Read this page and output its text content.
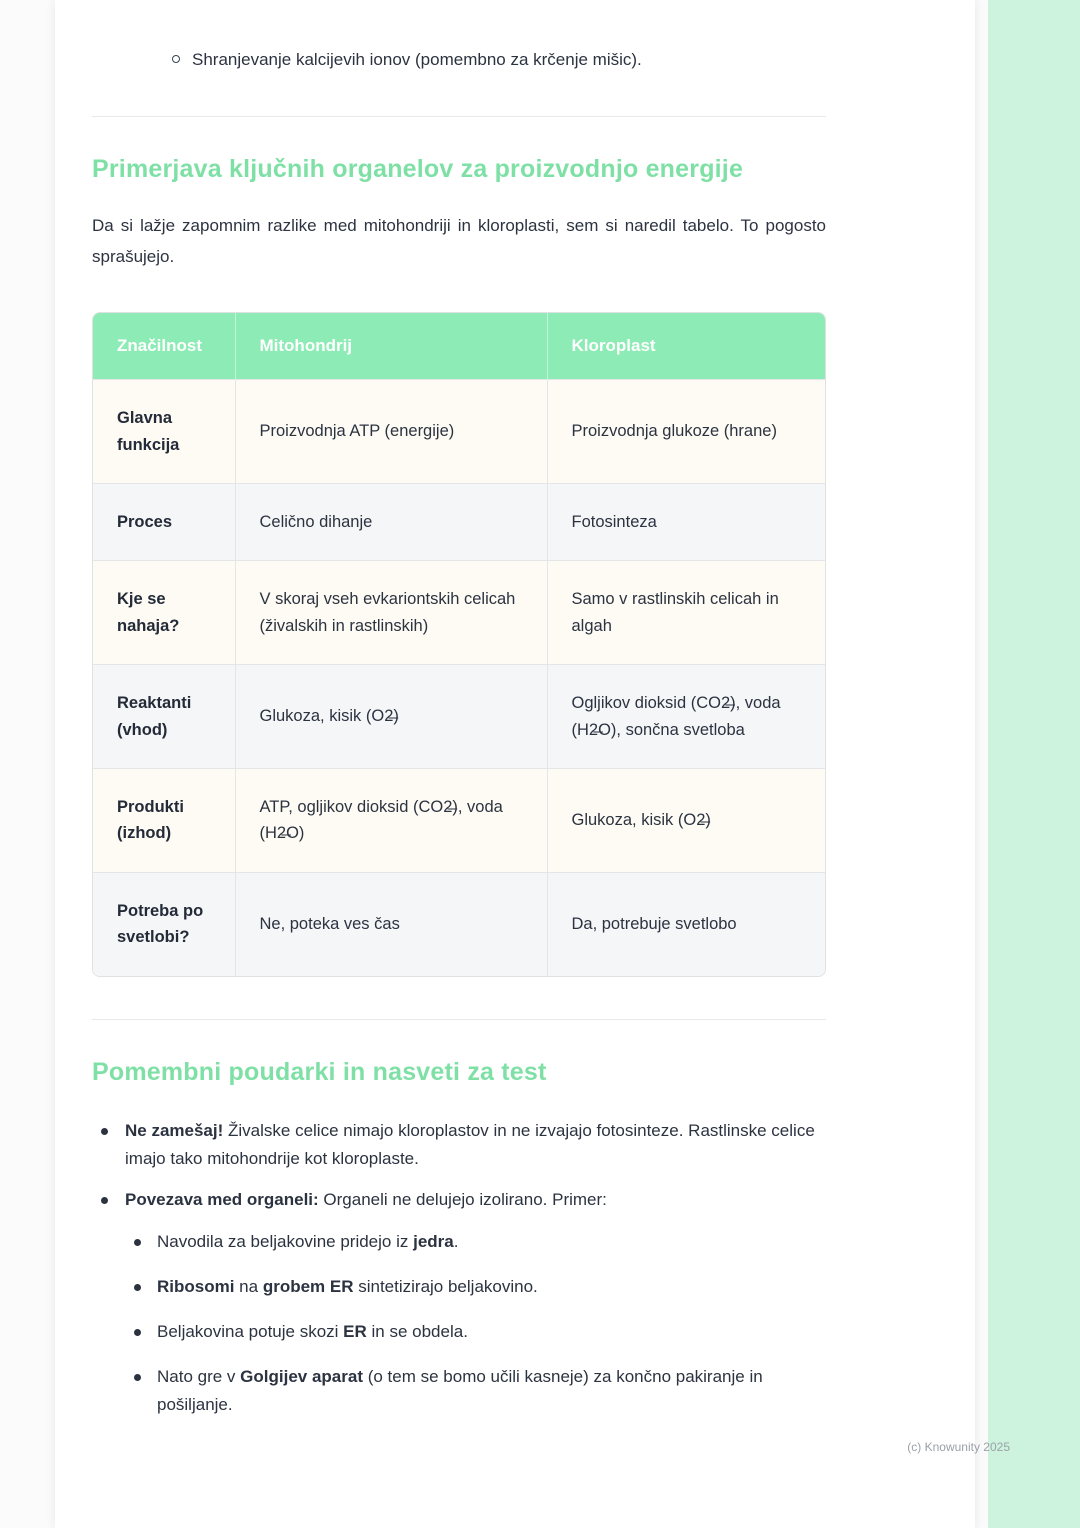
Shranjevanje kalcijevih ionov (pomembno za krčenje mišic).
Primerjava ključnih organelov za proizvodnjo energije

Da si lažje zapomnim razlike med mitohondriji in kloroplasti, sem si naredil tabelo. To pogosto sprašujejo.

Značilnost	Mitohondrij	Kloroplast
Glavna funkcija	Proizvodnja ATP (energije)	Proizvodnja glukoze (hrane)
Proces	Celično dihanje	Fotosinteza
Kje se nahaja?	V skoraj vseh evkariontskih celicah (živalskih in rastlinskih)	Samo v rastlinskih celicah in algah
Reaktanti (vhod)	Glukoza, kisik (O2̶)	Ogljikov dioksid (CO2̶), voda (H2̶O), sončna svetloba
Produkti (izhod)	ATP, ogljikov dioksid (CO2̶), voda (H2̶O)	Glukoza, kisik (O2̶)
Potreba po svetlobi?	Ne, poteka ves čas	Da, potrebuje svetlobo
Pomembni poudarki in nasveti za test
Ne zamešaj! Živalske celice nimajo kloroplastov in ne izvajajo fotosinteze. Rastlinske celice imajo tako mitohondrije kot kloroplaste.
Povezava med organeli: Organeli ne delujejo izolirano. Primer:
Navodila za beljakovine pridejo iz jedra.
Ribosomi na grobem ER sintetizirajo beljakovino.
Beljakovina potuje skozi ER in se obdela.
Nato gre v Golgijev aparat (o tem se bomo učili kasneje) za končno pakiranje in pošiljanje.
(c) Knowunity 2025
